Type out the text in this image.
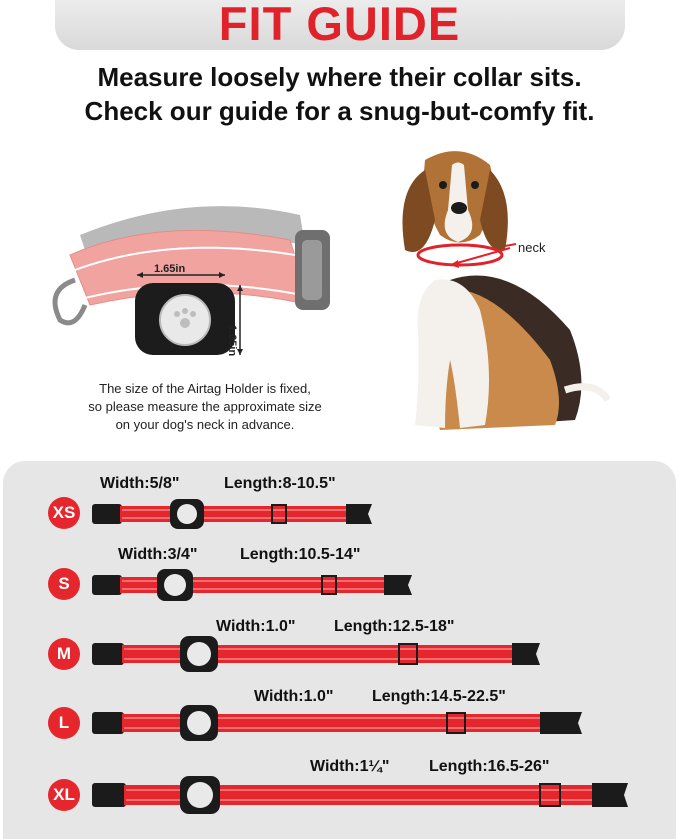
FIT GUIDE
Measure loosely where their collar sits.
Check our guide for a snug-but-comfy fit.
1.65in
1.65in
The size of the Airtag Holder is fixed,
so please measure the approximate size
on your dog's neck in advance.
neck
XS
Width:5/8"	Length:8-10.5"
S
Width:3/4"	Length:10.5-14"
M
Width:1.0" Length:12.5-18"
L
Width:1.0" Length:14.5-22.5"
XL
Width:1¼" Length:16.5-26"
